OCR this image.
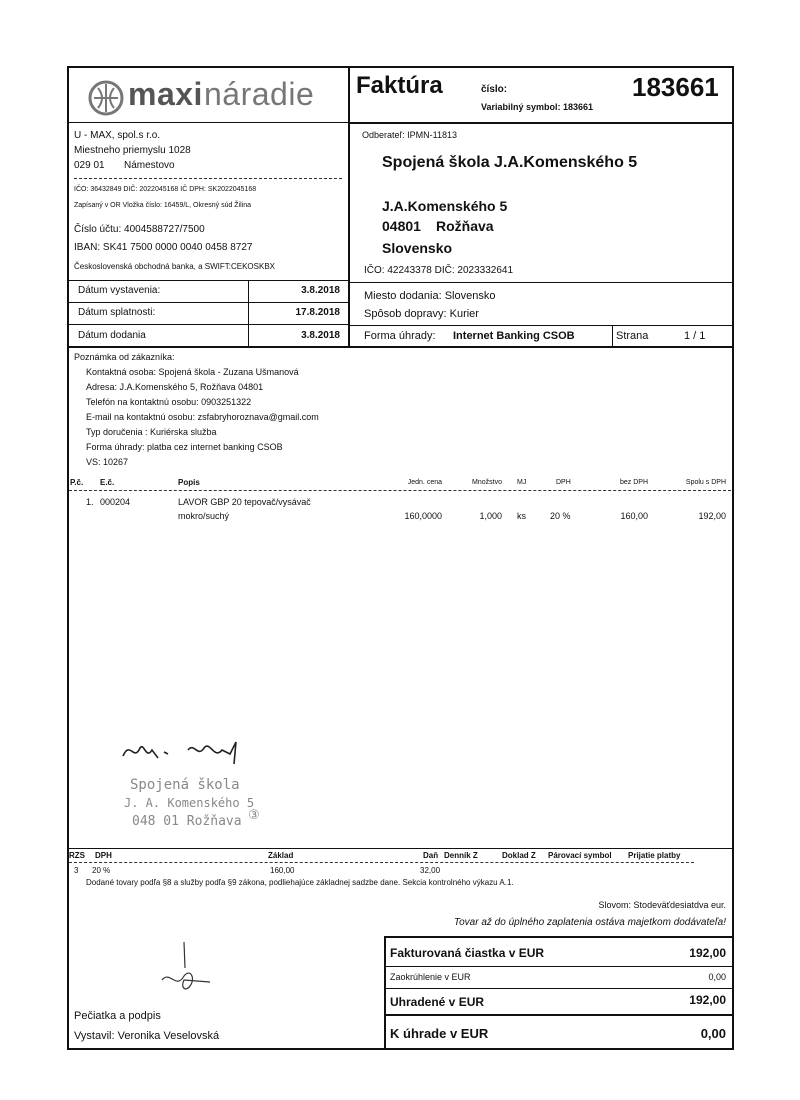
maxi náradie Faktúra	číslo:	183661
Variabilný symbol: 183661
U - MAX, spol.s r.o.
Miestneho priemyslu 1028
029 01 Námestovo
IČO: 36432849 DIČ: 2022045168 IČ DPH: SK2022045168
Zapísaný v OR Vložka číslo: 16459/L, Okresný súd Žilina
Číslo účtu: 4004588727/7500
IBAN: SK41 7500 0000 0040 0458 8727
Československá obchodná banka, a SWIFT:CEKOSKBX
Dátum vystavenia:	3.8.2018
Dátum splatnosti:	17.8.2018
Dátum dodania	3.8.2018
Odberateľ: IPMN-11813
Spojená škola J.A.Komenského 5
J.A.Komenského 5
04801 Rožňava
Slovensko
IČO: 42243378 DIČ: 2023332641
Miesto dodania: Slovensko
Spôsob dopravy: Kurier
Forma úhrady: Internet Banking CSOB	Strana	1 / 1
Poznámka od zákazníka:
Kontaktná osoba: Spojená škola - Zuzana Ušmanová
Adresa: J.A.Komenského 5, Rožňava 04801
Telefón na kontaktnú osobu: 0903251322
E-mail na kontaktnú osobu: zsfabryhoroznava@gmail.com
Typ doručenia : Kuriérska služba
Forma úhrady: platba cez internet banking CSOB
VS: 10267
P.č. E.č.	Popis	Jedn. cena	Množstvo MJ	DPH	bez DPH	Spolu s DPH
1. 000204	LAVOR GBP 20 tepovač/vysávač
mokro/suchý	160,0000	1,000 ks	20 %	160,00	192,00
Spojená škola
J. A. Komenského 5
048 01 Rožňava ③
RZS DPH	Základ	Daň Denník Z	Doklad Z Párovací symbol Prijatie platby
3 20 %	160,00	32,00
Dodané tovary podľa §8 a služby podľa §9 zákona, podliehajúce základnej sadzbe dane. Sekcia kontrolného výkazu A.1.
Slovom: Stodeväťdesiatdva eur.
Tovar až do úplného zaplatenia ostáva majetkom dodávateľa!
Fakturovaná čiastka v EUR	192,00
Zaokrúhlenie v EUR	0,00
Uhradené v EUR	192,00
K úhrade v EUR	0,00
Pečiatka a podpis
Vystavil: Veronika Veselovská
